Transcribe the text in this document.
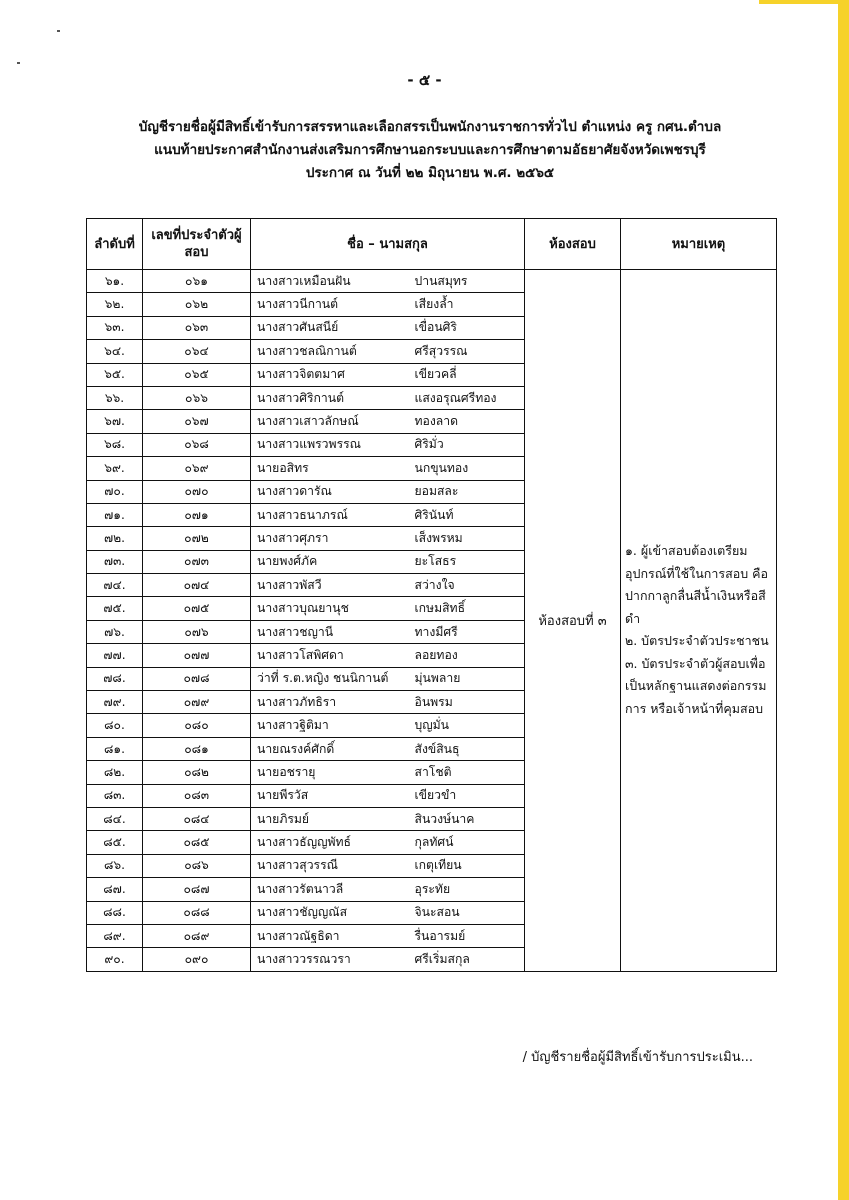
- ๕ -
บัญชีรายชื่อผู้มีสิทธิ์เข้ารับการสรรหาและเลือกสรรเป็นพนักงานราชการทั่วไป ตำแหน่ง ครู กศน.ตำบล
แนบท้ายประกาศสำนักงานส่งเสริมการศึกษานอกระบบและการศึกษาตามอัธยาศัยจังหวัดเพชรบุรี
ประกาศ ณ วันที่ ๒๒ มิถุนายน พ.ศ. ๒๕๖๕
ลำดับที่	เลขที่ประจำตัวผู้สอบ	ชื่อ – นามสกุล		ห้องสอบ	หมายเหตุ
๖๑.	๐๖๑	นางสาวเหมือนฝัน	ปานสมุทร	ห้องสอบที่ ๓	๑. ผู้เข้าสอบต้องเตรียมอุปกรณ์ที่ใช้ในการสอบ คือ ปากกาลูกลื่นสีน้ำเงินหรือสีดำ
๒. บัตรประจำตัวประชาชน
๓. บัตรประจำตัวผู้สอบเพื่อเป็นหลักฐานแสดงต่อกรรมการ หรือเจ้าหน้าที่คุมสอบ

๖๒.	๐๖๒	นางสาวนีกานต์	เสียงล้ำ		
๖๓.	๐๖๓	นางสาวศันสนีย์	เขื่อนศิริ		
๖๔.	๐๖๔	นางสาวชลณิกานต์	ศรีสุวรรณ		
๖๕.	๐๖๕	นางสาวจิตตมาศ	เขียวคลี่		
๖๖.	๐๖๖	นางสาวศิริกานต์	แสงอรุณศรีทอง		
๖๗.	๐๖๗	นางสาวเสาวลักษณ์	ทองลาด		
๖๘.	๐๖๘	นางสาวแพรวพรรณ	ศิริมั่ว		
๖๙.	๐๖๙	นายอสิทร	นกขุนทอง		
๗๐.	๐๗๐	นางสาวดารัณ	ยอมสละ		
๗๑.	๐๗๑	นางสาวธนาภรณ์	ศิรินันท์		
๗๒.	๐๗๒	นางสาวศุภรา	เส็งพรหม		
๗๓.	๐๗๓	นายพงศ์ภัค	ยะโสธร		
๗๔.	๐๗๔	นางสาวพัสวี	สว่างใจ		
๗๕.	๐๗๕	นางสาวบุณยานุช	เกษมสิทธิ์		
๗๖.	๐๗๖	นางสาวชญานี	ทางมีศรี		
๗๗.	๐๗๗	นางสาวโสพิศดา	ลอยทอง		
๗๘.	๐๗๘	ว่าที่ ร.ต.หญิง ชนนิกานต์	มุ่นพลาย		
๗๙.	๐๗๙	นางสาวภัทธิรา	อินพรม		
๘๐.	๐๘๐	นางสาวฐิติมา	บุญมั่น		
๘๑.	๐๘๑	นายณรงค์ศักดิ์	สังข์สินธุ		
๘๒.	๐๘๒	นายอชรายุ	สาโชติ		
๘๓.	๐๘๓	นายพีรวัส	เขียวขำ		
๘๔.	๐๘๔	นายภิรมย์	สินวงษ์นาค		
๘๕.	๐๘๕	นางสาวธัญญพัทธ์	กุลทัศน์		
๘๖.	๐๘๖	นางสาวสุวรรณี	เกตุเทียน		
๘๗.	๐๘๗	นางสาวรัตนาวลี	อุระทัย		
๘๘.	๐๘๘	นางสาวชัญญณัส	จินะสอน		
๘๙.	๐๘๙	นางสาวณัฐธิดา	รื่นอารมย์		
๙๐.	๐๙๐	นางสาววรรณวรา	ศรีเริ่มสกุล		
/ บัญชีรายชื่อผู้มีสิทธิ์เข้ารับการประเมิน...
